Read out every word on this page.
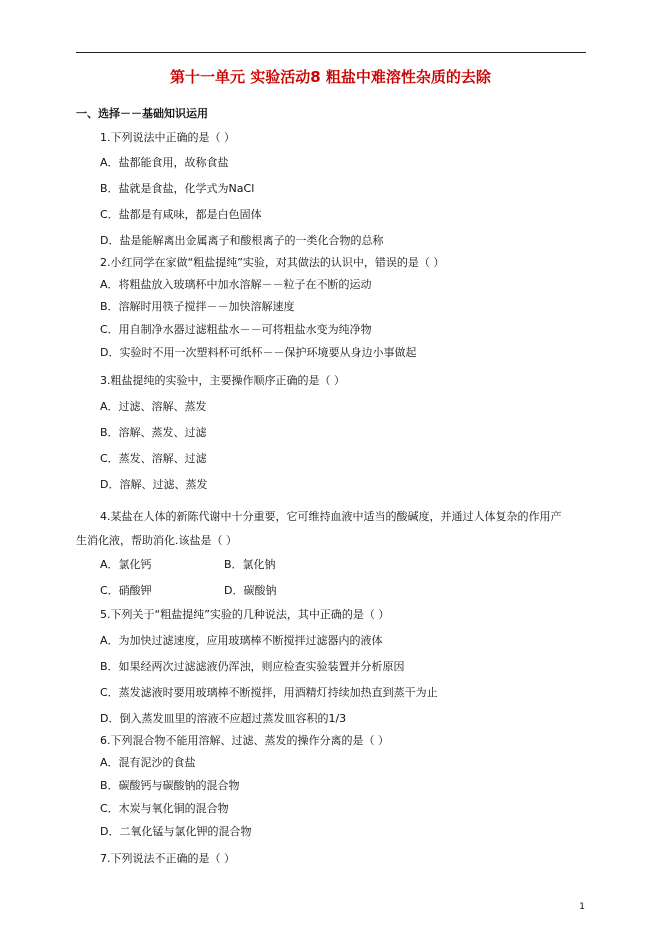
第十一单元 实验活动8 粗盐中难溶性杂质的去除
一、选择－－基础知识运用
1.下列说法中正确的是（ ）
A．盐都能食用，故称食盐
B．盐就是食盐，化学式为NaCl
C．盐都是有咸味，都是白色固体
D．盐是能解离出金属离子和酸根离子的一类化合物的总称
2.小红同学在家做“粗盐提纯”实验，对其做法的认识中，错误的是（ ）
A．将粗盐放入玻璃杯中加水溶解－－粒子在不断的运动
B．溶解时用筷子搅拌－－加快溶解速度
C．用自制净水器过滤粗盐水－－可将粗盐水变为纯净物
D．实验时不用一次塑料杯可纸杯－－保护环境要从身边小事做起
3.粗盐提纯的实验中，主要操作顺序正确的是（ ）
A．过滤、溶解、蒸发
B．溶解、蒸发、过滤
C．蒸发、溶解、过滤
D．溶解、过滤、蒸发
4.某盐在人体的新陈代谢中十分重要，它可维持血液中适当的酸碱度，并通过人体复杂的作用产
生消化液，帮助消化.该盐是（ ）
A．氯化钙	B．氯化钠
C．硝酸钾	D．碳酸钠
5.下列关于“粗盐提纯”实验的几种说法，其中正确的是（ ）
A．为加快过滤速度，应用玻璃棒不断搅拌过滤器内的液体
B．如果经两次过滤滤液仍浑浊，则应检查实验装置并分析原因
C．蒸发滤液时要用玻璃棒不断搅拌，用酒精灯持续加热直到蒸干为止
D．倒入蒸发皿里的溶液不应超过蒸发皿容积的1/3
6.下列混合物不能用溶解、过滤、蒸发的操作分离的是（ ）
A．混有泥沙的食盐
B．碳酸钙与碳酸钠的混合物
C．木炭与氧化铜的混合物
D．二氧化锰与氯化钾的混合物
7.下列说法不正确的是（ ）
1
